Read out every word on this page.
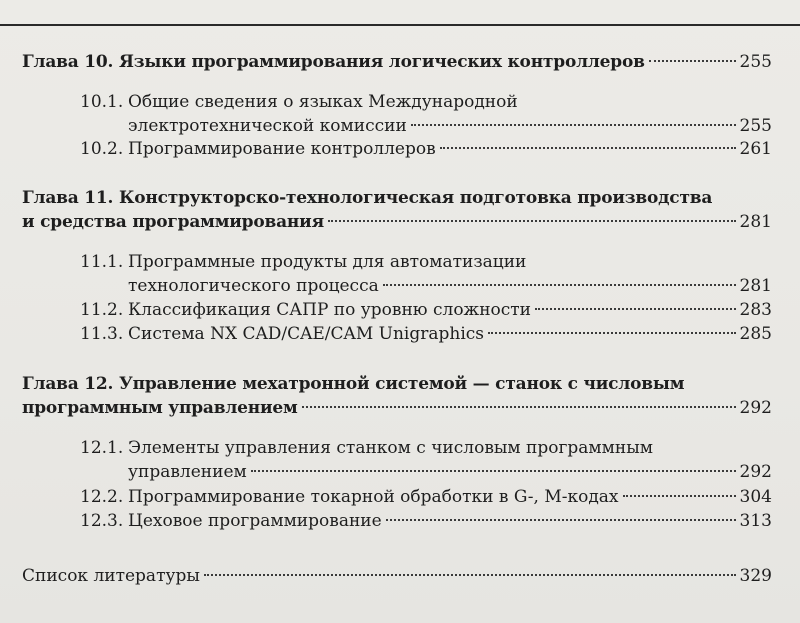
Глава 10. Языки программирования логических контроллеров	255
10.1. Общие сведения о языках Международной
электротехнической комиссии	255
10.2. Программирование контроллеров	261
Глава 11. Конструкторско-технологическая подготовка производства
и средства программирования	281
11.1. Программные продукты для автоматизации
технологического процесса	281
11.2. Классификация САПР по уровню сложности	283
11.3. Система NX CAD/CAE/CAM Unigraphics	285
Глава 12. Управление мехатронной системой — станок с числовым
программным управлением	292
12.1. Элементы управления станком с числовым программным
управлением	292
12.2. Программирование токарной обработки в G-, M-кодах	304
12.3. Цеховое программирование	313
Список литературы	329
